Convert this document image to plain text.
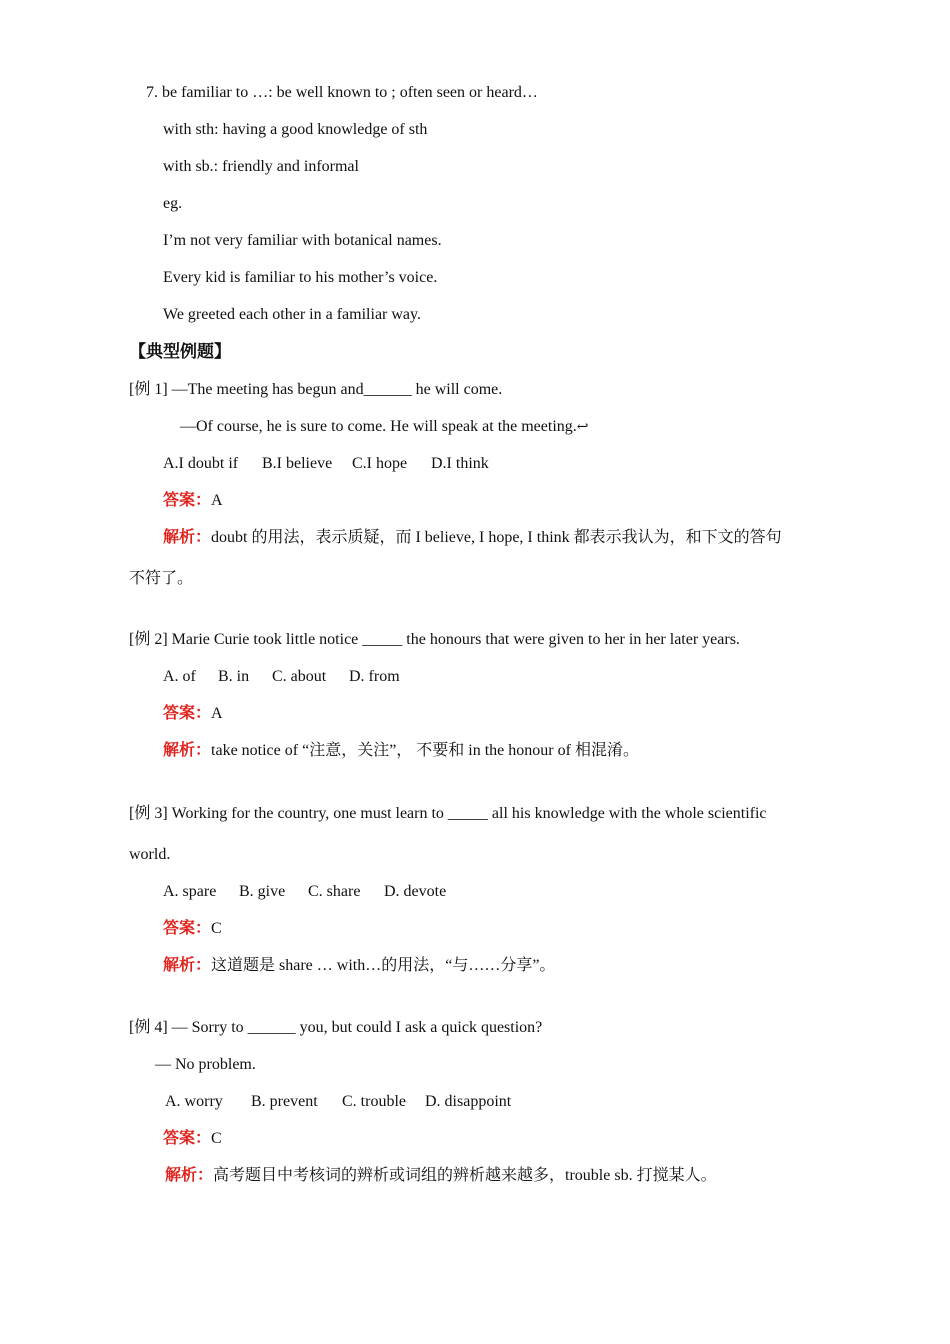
7. be familiar to …: be well known to ; often seen or heard…
with sth: having a good knowledge of sth
with sb.: friendly and informal
eg.
I’m not very familiar with botanical names.
Every kid is familiar to his mother’s voice.
We greeted each other in a familiar way.
【典型例题】
[例 1] —The meeting has begun and______ he will come.
—Of course, he is sure to come. He will speak at the meeting.↩
A.I doubt if B.I believe C.I hope D.I think
答案：A
解析：doubt 的用法，表示质疑，而 I believe, I hope, I think 都表示我认为，和下文的答句
不符了。
[例 2] Marie Curie took little notice _____ the honours that were given to her in her later years.
A. of B. in C. about D. from
答案：A
解析：take notice of “注意，关注”， 不要和 in the honour of 相混淆。
[例 3] Working for the country, one must learn to _____ all his knowledge with the whole scientific
world.
A. spare B. give C. share D. devote
答案：C
解析：这道题是 share … with…的用法，“与……分享”。
[例 4] — Sorry to ______ you, but could I ask a quick question?
— No problem.
A. worry B. prevent C. trouble D. disappoint
答案：C
解析：高考题目中考核词的辨析或词组的辨析越来越多，trouble sb. 打搅某人。
